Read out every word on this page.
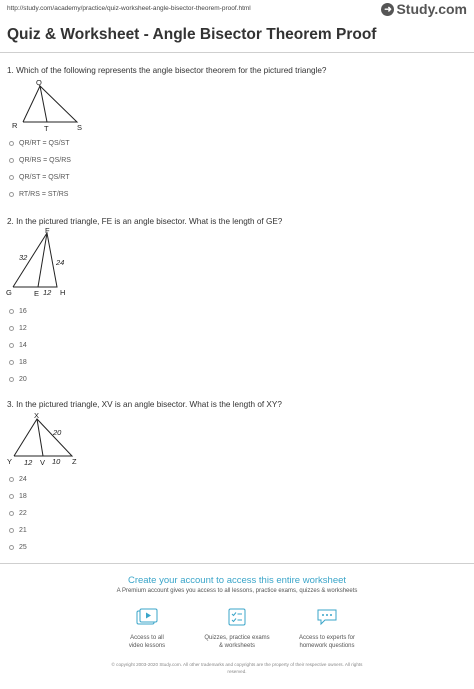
http://study.com/academy/practice/quiz-worksheet-angle-bisector-theorem-proof.html	➜ Study.com
Quiz & Worksheet - Angle Bisector Theorem Proof
1. Which of the following represents the angle bisector theorem for the pictured triangle?
Q
R	S
T
QR/RT = QS/ST
QR/RS = QS/RS
QR/ST = QS/RT
RT/RS = ST/RS
2. In the pictured triangle, FE is an angle bisector. What is the length of GE?
F
G	H
E
32
24
12
16
12
14
18
20
3. In the pictured triangle, XV is an angle bisector. What is the length of XY?
X
Y	Z
V
20
12	10
24
18
22
21
25
Create your account to access this entire worksheet
A Premium account gives you access to all lessons, practice exams, quizzes & worksheets
Access to all
video lessons
Quizzes, practice exams
& worksheets
Access to experts for
homework questions
© copyright 2003-2020 Study.com. All other trademarks and copyrights are the property of their respective owners. All rights
reserved.
